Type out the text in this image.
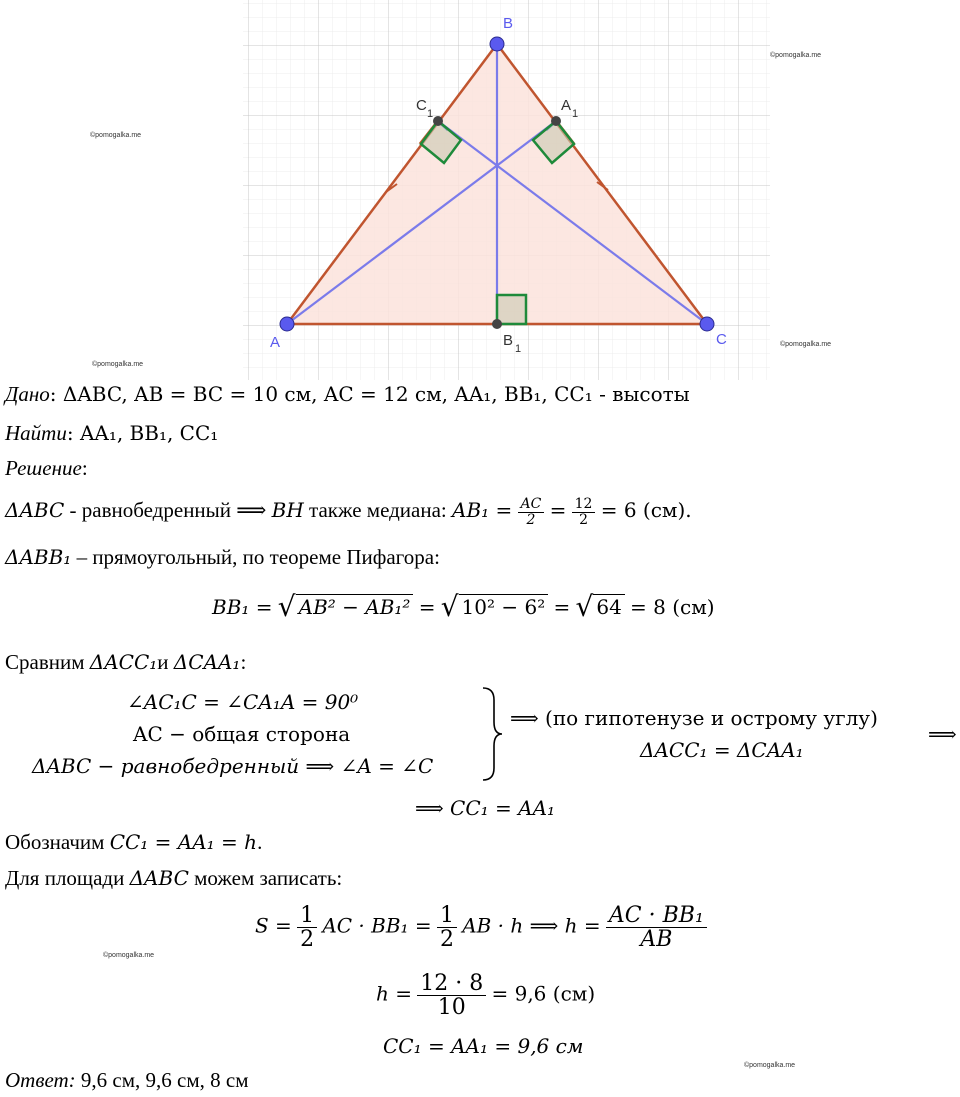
A
B
C
B 1
C 1	A 1
©pomogalka.me
©pomogalka.me
©pomogalka.me
©pomogalka.me
©pomogalka.me
©pomogalka.me
Дано: ΔABC, AB = BC = 10 см, AC = 12 см, AA₁, BB₁, CC₁ - высоты
Найти: AA₁, BB₁, CC₁
Решение:
ΔABC - равнобедренный ⟹ BH также медиана: $AB_1 = \frac{AC}{2} = \frac{12}{2} = 6$ (см).
ΔABB₁ – прямоугольный, по теореме Пифагора:
BB₁ = √ AB² − AB₁² = √ 10² − 6² = √ 64 = 8 (см)
Сравним ΔACC₁и ΔCAA₁:
∠AC₁C = ∠CA₁A = 90⁰
AC − общая сторона
ΔABC − равнобедренный ⟹ ∠A = ∠C
⟹ (по гипотенузе и острому углу)
ΔACC₁ = ΔCAA₁
⟹
⟹ CC₁ = AA₁
Обозначим CC₁ = AA₁ = h.
Для площади ΔABC можем записать:
$S = \frac{1}{2}$ AC · $BB_1 = \frac{1}{2}$ AB · h ⟹ $h = \frac{\text{AC · BB₁}}{AB}$
$h = \frac{12 \cdot 8}{10} = 9,6$ (см)
CC₁ = AA₁ = 9,6 см
Ответ: 9,6 см, 9,6 см, 8 см
